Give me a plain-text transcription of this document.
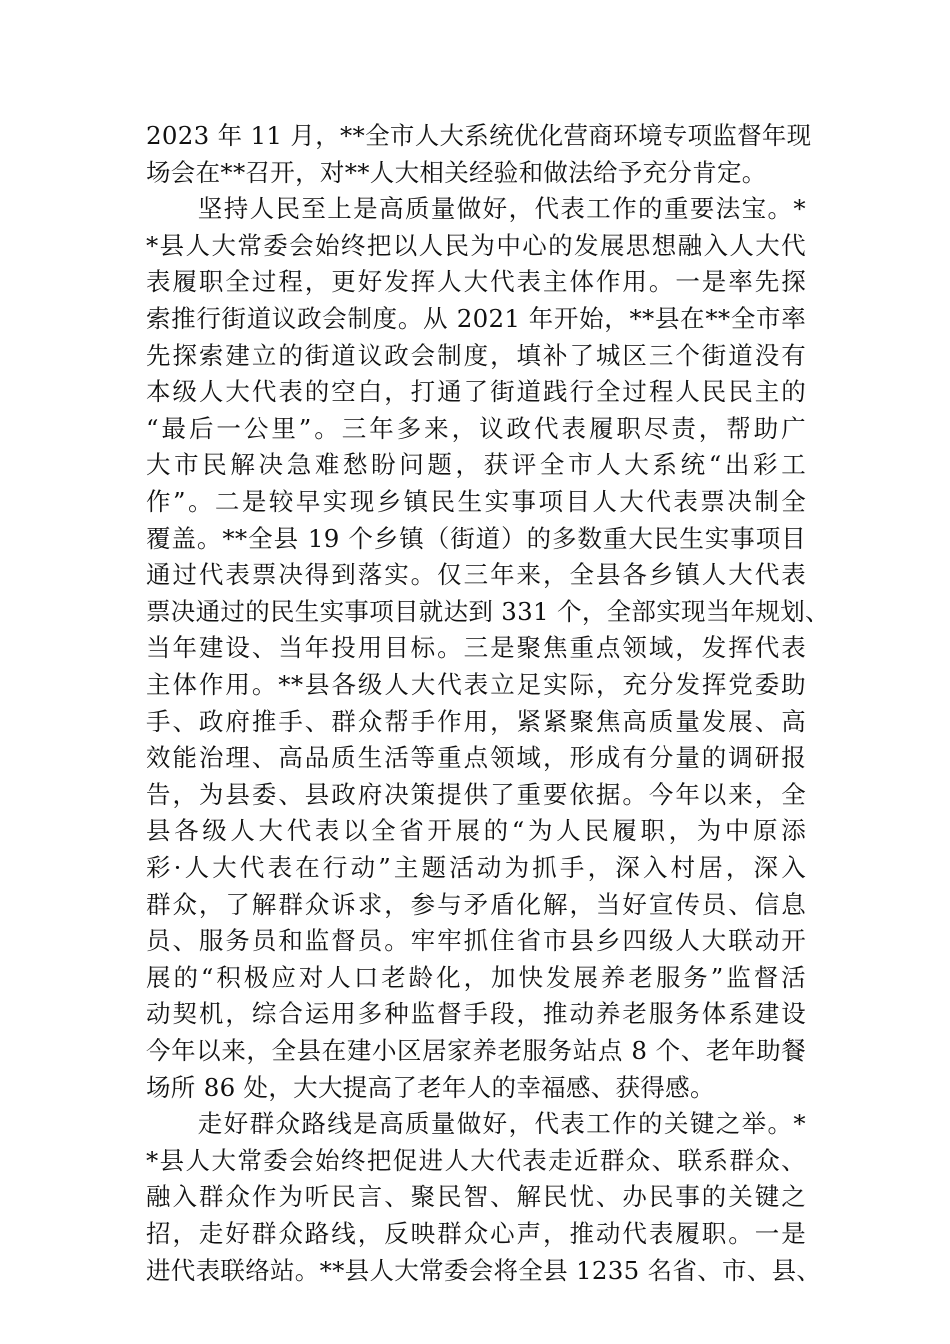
2023 年 11 月，**全市人大系统优化营商环境专项监督年现
场会在**召开，对**人大相关经验和做法给予充分肯定。
　　坚持人民至上是高质量做好，代表工作的重要法宝。*
*县人大常委会始终把以人民为中心的发展思想融入人大代
表履职全过程，更好发挥人大代表主体作用。一是率先探
索推行街道议政会制度。从 2021 年开始，**县在**全市率
先探索建立的街道议政会制度，填补了城区三个街道没有
本级人大代表的空白，打通了街道践行全过程人民民主的
“最后一公里”。三年多来，议政代表履职尽责，帮助广
大市民解决急难愁盼问题，获评全市人大系统“出彩工
作”。二是较早实现乡镇民生实事项目人大代表票决制全
覆盖。**全县 19 个乡镇（街道）的多数重大民生实事项目
通过代表票决得到落实。仅三年来，全县各乡镇人大代表
票决通过的民生实事项目就达到 331 个，全部实现当年规划、
当年建设、当年投用目标。三是聚焦重点领域，发挥代表
主体作用。**县各级人大代表立足实际，充分发挥党委助
手、政府推手、群众帮手作用，紧紧聚焦高质量发展、高
效能治理、高品质生活等重点领域，形成有分量的调研报
告，为县委、县政府决策提供了重要依据。今年以来，全
县各级人大代表以全省开展的“为人民履职，为中原添
彩·人大代表在行动”主题活动为抓手，深入村居，深入
群众，了解群众诉求，参与矛盾化解，当好宣传员、信息
员、服务员和监督员。牢牢抓住省市县乡四级人大联动开
展的“积极应对人口老龄化，加快发展养老服务”监督活
动契机，综合运用多种监督手段，推动养老服务体系建设
今年以来，全县在建小区居家养老服务站点 8 个、老年助餐
场所 86 处，大大提高了老年人的幸福感、获得感。
　　走好群众路线是高质量做好，代表工作的关键之举。*
*县人大常委会始终把促进人大代表走近群众、联系群众、
融入群众作为听民言、聚民智、解民忧、办民事的关键之
招，走好群众路线，反映群众心声，推动代表履职。一是
进代表联络站。**县人大常委会将全县 1235 名省、市、县、
